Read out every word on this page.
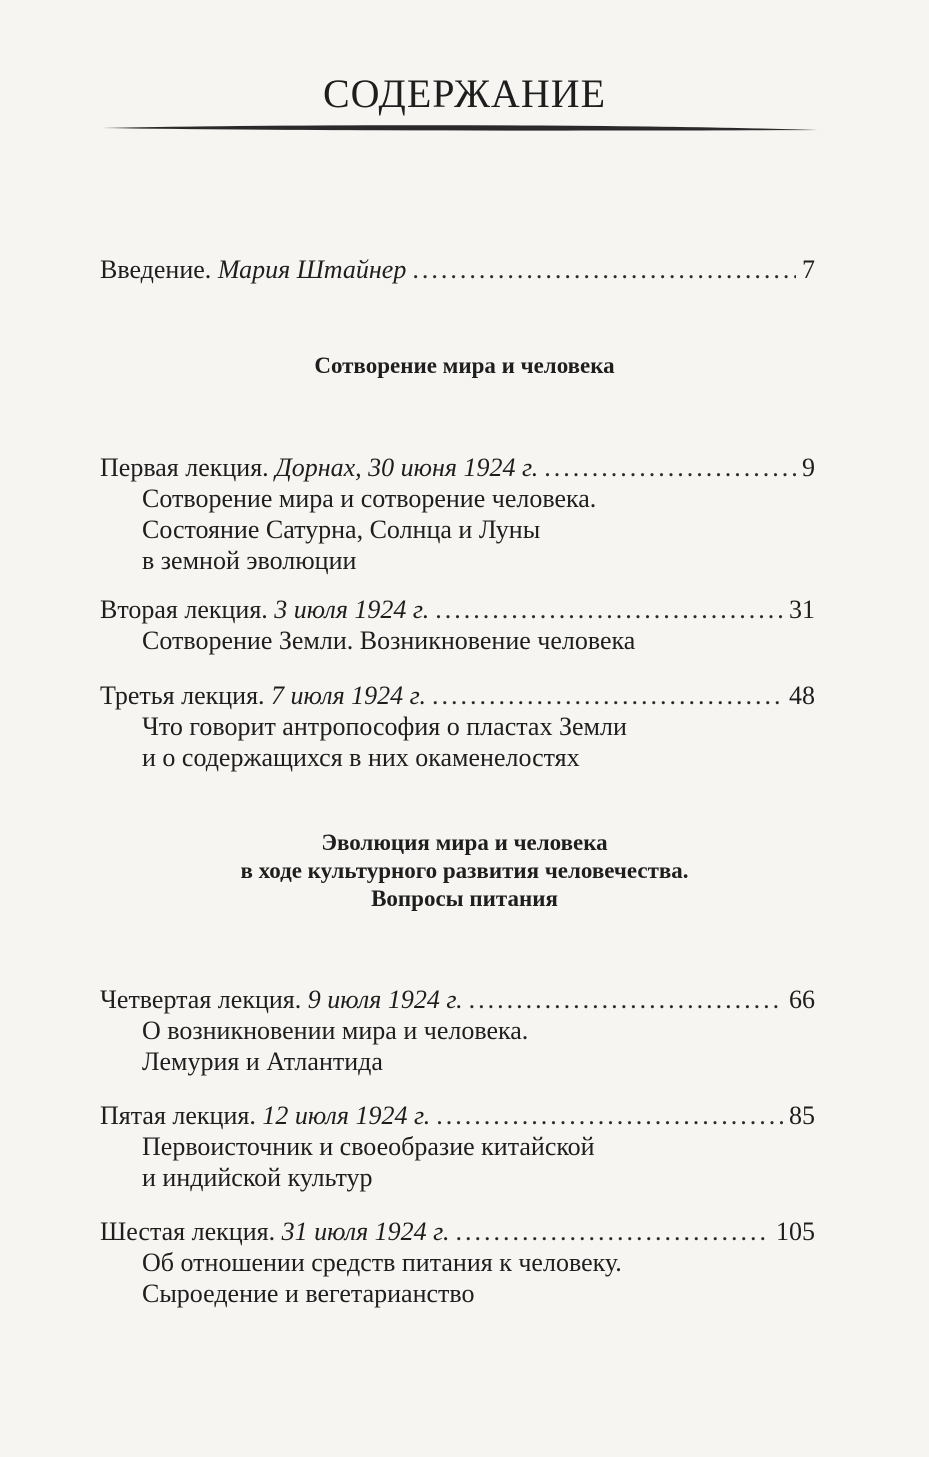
СОДЕРЖАНИЕ
Введение. Мария Штайнер .....	7
Сотворение мира и человека
Первая лекция. Дорнах, 30 июня 1924 г. .....	9
Сотворение мира и сотворение человека.
Состояние Сатурна, Солнца и Луны
в земной эволюции
Вторая лекция. 3 июля 1924 г. .....	31
Сотворение Земли. Возникновение человека
Третья лекция. 7 июля 1924 г. .....	48
Что говорит антропософия о пластах Земли
и о содержащихся в них окаменелостях
Эволюция мира и человека
в ходе культурного развития человечества.
Вопросы питания
Четвертая лекция. 9 июля 1924 г. .....	66
О возникновении мира и человека.
Лемурия и Атлантида
Пятая лекция. 12 июля 1924 г. .....	85
Первоисточник и своеобразие китайской
и индийской культур
Шестая лекция. 31 июля 1924 г. .....	105
Об отношении средств питания к человеку.
Сыроедение и вегетарианство
